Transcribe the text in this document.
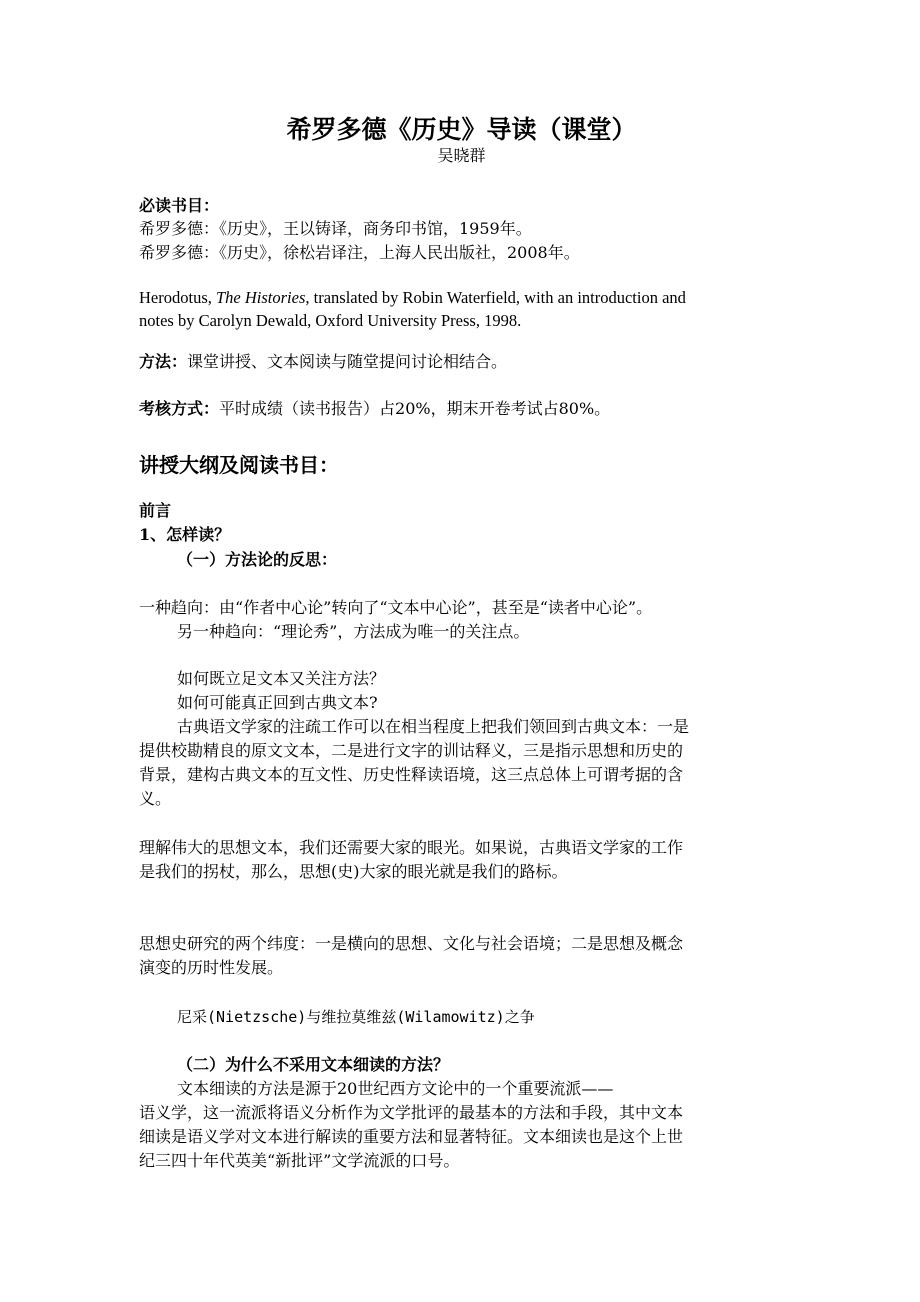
希罗多德《历史》导读（课堂）
吴晓群
必读书目：
希罗多德：《历史》，王以铸译，商务印书馆，1959年。
希罗多德：《历史》，徐松岩译注，上海人民出版社，2008年。
Herodotus, The Histories, translated by Robin Waterfield, with an introduction and
notes by Carolyn Dewald, Oxford University Press, 1998.
方法：课堂讲授、文本阅读与随堂提问讨论相结合。
考核方式：平时成绩（读书报告）占20%，期末开卷考试占80%。
讲授大纲及阅读书目：
前言
1、怎样读？
（一）方法论的反思：
一种趋向：由“作者中心论”转向了“文本中心论”，甚至是“读者中心论”。
另一种趋向：“理论秀”，方法成为唯一的关注点。
如何既立足文本又关注方法？
如何可能真正回到古典文本?
古典语文学家的注疏工作可以在相当程度上把我们领回到古典文本：一是
提供校勘精良的原文文本，二是进行文字的训诂释义，三是指示思想和历史的
背景，建构古典文本的互文性、历史性释读语境，这三点总体上可谓考据的含
义。
理解伟大的思想文本，我们还需要大家的眼光。如果说，古典语文学家的工作
是我们的拐杖，那么，思想(史)大家的眼光就是我们的路标。
思想史研究的两个纬度：一是横向的思想、文化与社会语境；二是思想及概念
演变的历时性发展。
尼采(Nietzsche)与维拉莫维兹(Wilamowitz)之争
（二）为什么不采用文本细读的方法？
文本细读的方法是源于20世纪西方文论中的一个重要流派——
语义学，这一流派将语义分析作为文学批评的最基本的方法和手段，其中文本
细读是语义学对文本进行解读的重要方法和显著特征。文本细读也是这个上世
纪三四十年代英美“新批评”文学流派的口号。
